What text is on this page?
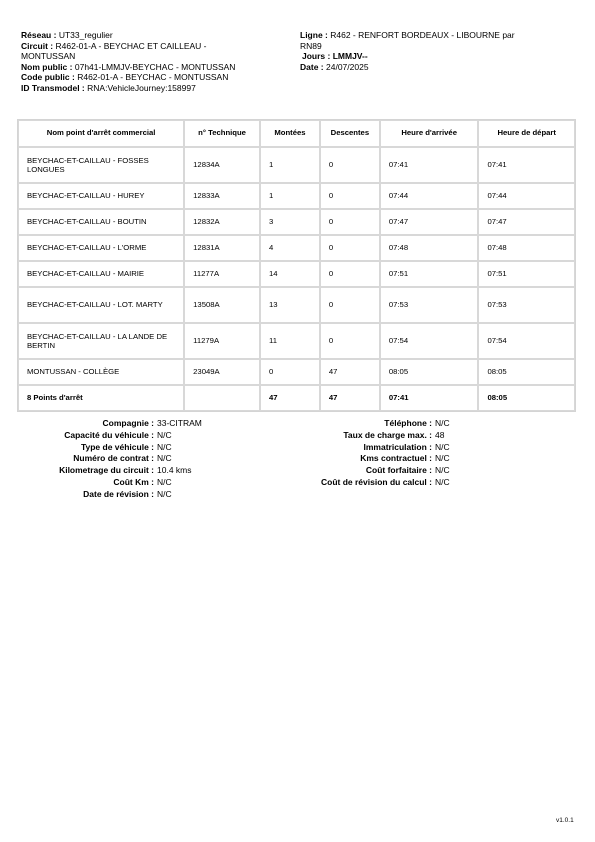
Réseau : UT33_regulier
Circuit : R462-01-A - BEYCHAC ET CAILLEAU -
MONTUSSAN
Nom public : 07h41-LMMJV-BEYCHAC - MONTUSSAN
Code public : R462-01-A - BEYCHAC - MONTUSSAN
ID Transmodel : RNA:VehicleJourney:158997
Ligne : R462 - RENFORT BORDEAUX - LIBOURNE par
RN89
Jours : LMMJV--
Date : 24/07/2025
Nom point d'arrêt commercial	n° Technique	Montées	Descentes	Heure d'arrivée	Heure de départ
BEYCHAC-ET-CAILLAU - FOSSES LONGUES	12834A	1	0	07:41	07:41
BEYCHAC-ET-CAILLAU - HUREY	12833A	1	0	07:44	07:44
BEYCHAC-ET-CAILLAU - BOUTIN	12832A	3	0	07:47	07:47
BEYCHAC-ET-CAILLAU - L'ORME	12831A	4	0	07:48	07:48
BEYCHAC-ET-CAILLAU - MAIRIE	11277A	14	0	07:51	07:51
BEYCHAC-ET-CAILLAU - LOT. MARTY	13508A	13	0	07:53	07:53
BEYCHAC-ET-CAILLAU - LA LANDE DE BERTIN	11279A	11	0	07:54	07:54
MONTUSSAN - COLLÈGE	23049A	0	47	08:05	08:05
8 Points d'arrêt		47	47	07:41	08:05
Compagnie : 33-CITRAM
Capacité du véhicule : N/C
Type de véhicule : N/C
Numéro de contrat : N/C
Kilometrage du circuit : 10.4 kms
Coût Km : N/C
Date de révision : N/C
Téléphone : N/C
Taux de charge max. : 48
Immatriculation : N/C
Kms contractuel : N/C
Coût forfaitaire : N/C
Coût de révision du calcul : N/C
v1.0.1
